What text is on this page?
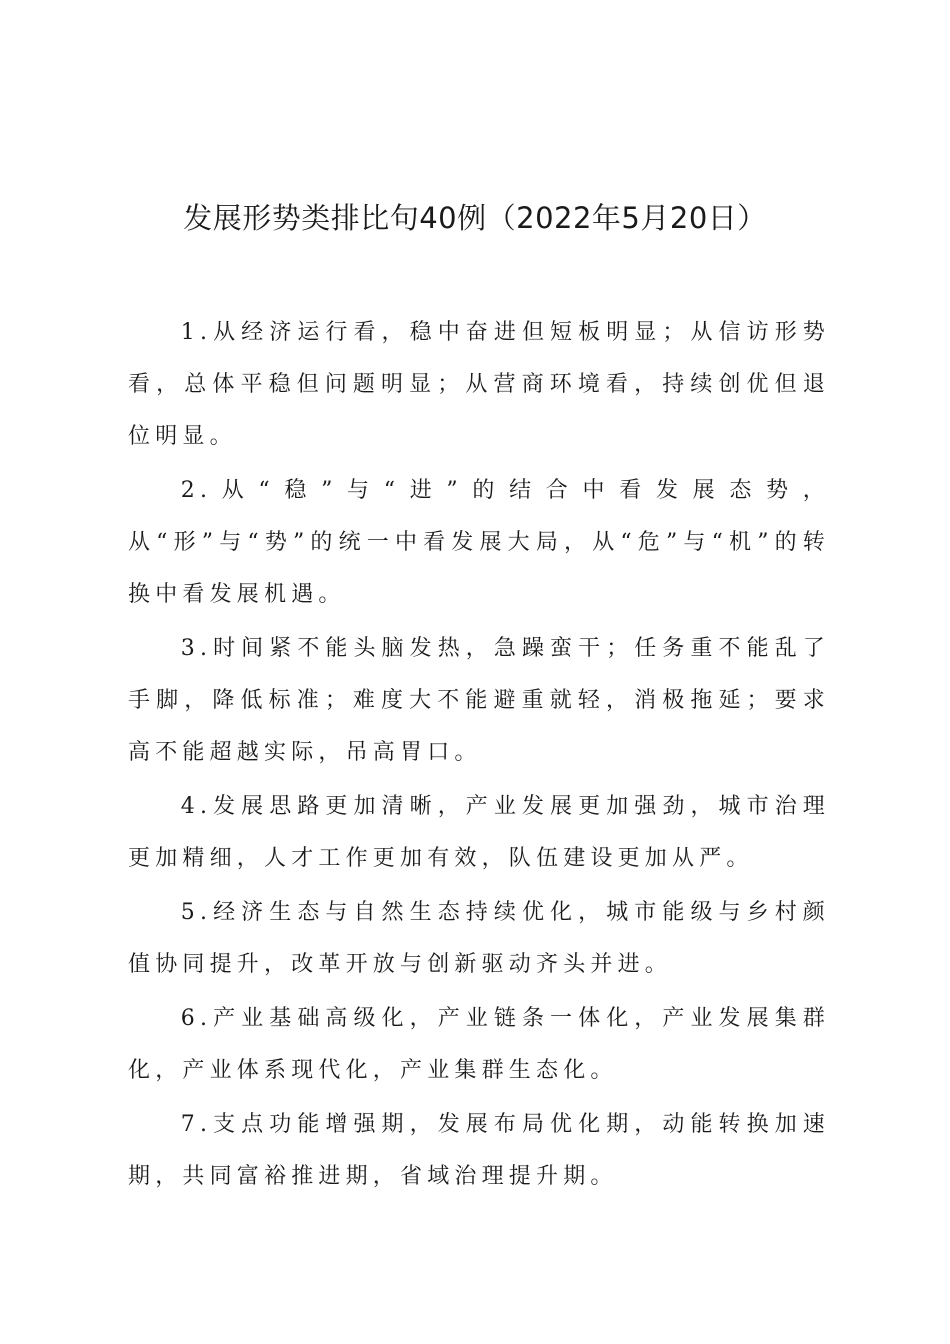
发展形势类排比句40例（2022年5月20日）

1.从经济运行看，稳中奋进但短板明显；从信访形势看，总体平稳但问题明显；从营商环境看，持续创优但退位明显。

2.从“稳”与“进”的结合中看发展态势，从“形”与“势”的统一中看发展大局，从“危”与“机”的转换中看发展机遇。

3.时间紧不能头脑发热，急躁蛮干；任务重不能乱了手脚，降低标准；难度大不能避重就轻，消极拖延；要求高不能超越实际，吊高胃口。

4.发展思路更加清晰，产业发展更加强劲，城市治理更加精细，人才工作更加有效，队伍建设更加从严。

5.经济生态与自然生态持续优化，城市能级与乡村颜值协同提升，改革开放与创新驱动齐头并进。

6.产业基础高级化，产业链条一体化，产业发展集群化，产业体系现代化，产业集群生态化。

7.支点功能增强期，发展布局优化期，动能转换加速期，共同富裕推进期，省域治理提升期。
